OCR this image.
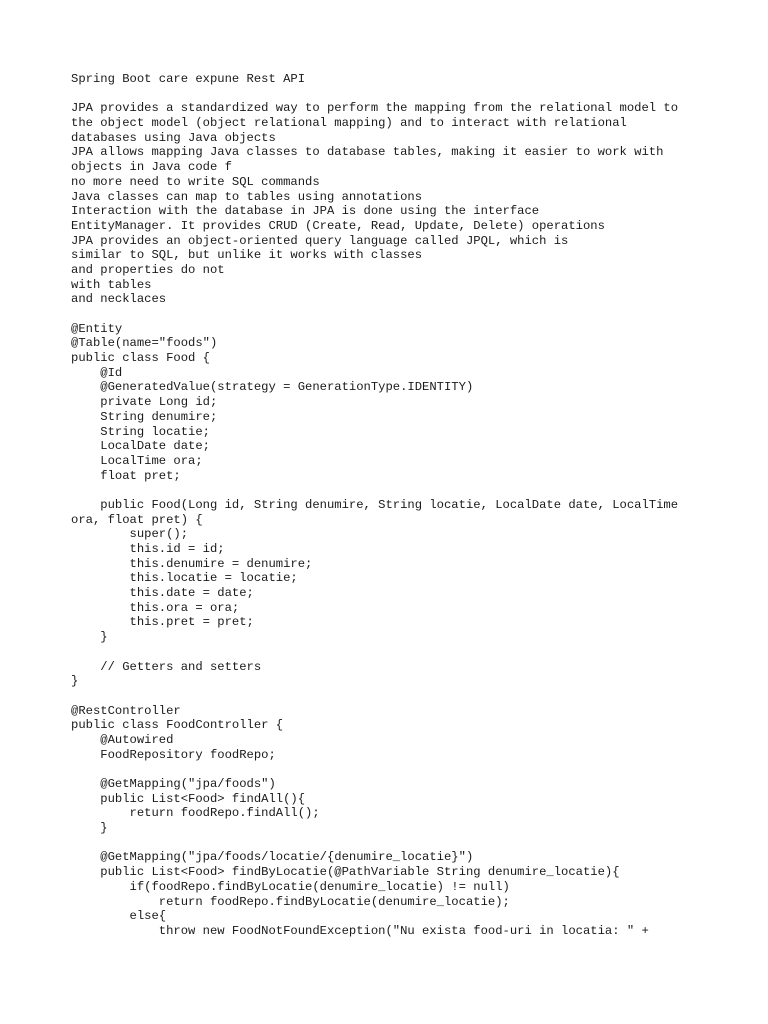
Spring Boot care expune Rest API
JPA provides a standardized way to perform the mapping from the relational model to
the object model (object relational mapping) and to interact with relational
databases using Java objects
JPA allows mapping Java classes to database tables, making it easier to work with
objects in Java code f
no more need to write SQL commands
Java classes can map to tables using annotations
Interaction with the database in JPA is done using the interface
EntityManager. It provides CRUD (Create, Read, Update, Delete) operations
JPA provides an object-oriented query language called JPQL, which is
similar to SQL, but unlike it works with classes
and properties do not
with tables
and necklaces
@Entity
@Table(name="foods")
public class Food {
@Id
@GeneratedValue(strategy = GenerationType.IDENTITY)
private Long id;
String denumire;
String locatie;
LocalDate date;
LocalTime ora;
float pret;
public Food(Long id, String denumire, String locatie, LocalDate date, LocalTime
ora, float pret) {
super();
this.id = id;
this.denumire = denumire;
this.locatie = locatie;
this.date = date;
this.ora = ora;
this.pret = pret;
}
// Getters and setters
}
@RestController
public class FoodController {
@Autowired
FoodRepository foodRepo;
@GetMapping("jpa/foods")
public List<Food> findAll(){
return foodRepo.findAll();
}
@GetMapping("jpa/foods/locatie/{denumire_locatie}")
public List<Food> findByLocatie(@PathVariable String denumire_locatie){
if(foodRepo.findByLocatie(denumire_locatie) != null)
return foodRepo.findByLocatie(denumire_locatie);
else{
throw new FoodNotFoundException("Nu exista food-uri in locatia: " +
